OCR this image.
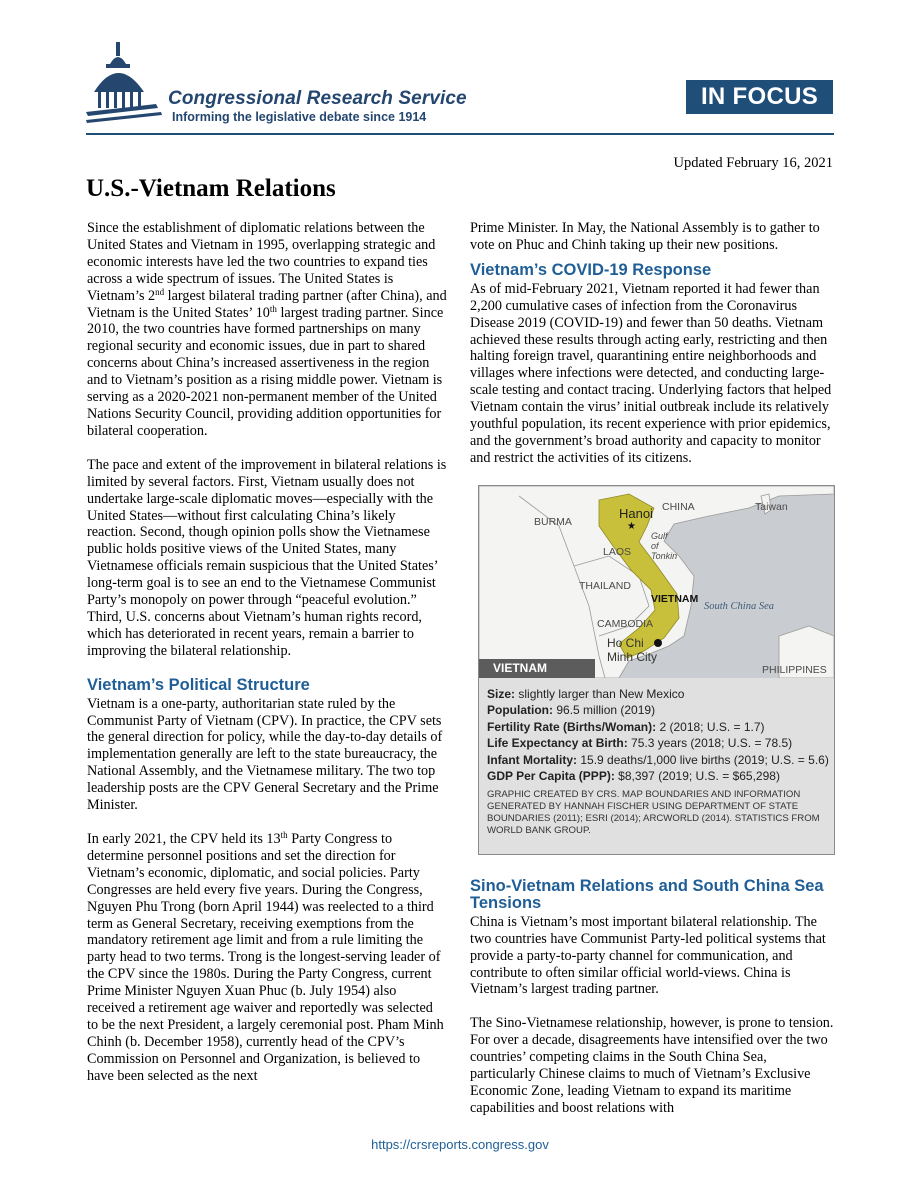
Congressional Research Service
Informing the legislative debate since 1914
IN FOCUS
Updated February 16, 2021
U.S.-Vietnam Relations

Since the establishment of diplomatic relations between the United States and Vietnam in 1995, overlapping strategic and economic interests have led the two countries to expand ties across a wide spectrum of issues. The United States is Vietnam’s 2nd largest bilateral trading partner (after China), and Vietnam is the United States’ 10th largest trading partner. Since 2010, the two countries have formed partnerships on many regional security and economic issues, due in part to shared concerns about China’s increased assertiveness in the region and to Vietnam’s position as a rising middle power. Vietnam is serving as a 2020-2021 non-permanent member of the United Nations Security Council, providing addition opportunities for bilateral cooperation.

The pace and extent of the improvement in bilateral relations is limited by several factors. First, Vietnam usually does not undertake large-scale diplomatic moves—especially with the United States—without first calculating China’s likely reaction. Second, though opinion polls show the Vietnamese public holds positive views of the United States, many Vietnamese officials remain suspicious that the United States’ long-term goal is to see an end to the Vietnamese Communist Party’s monopoly on power through “peaceful evolution.” Third, U.S. concerns about Vietnam’s human rights record, which has deteriorated in recent years, remain a barrier to improving the bilateral relationship.

Vietnam’s Political Structure

Vietnam is a one-party, authoritarian state ruled by the Communist Party of Vietnam (CPV). In practice, the CPV sets the general direction for policy, while the day-to-day details of implementation generally are left to the state bureaucracy, the National Assembly, and the Vietnamese military. The two top leadership posts are the CPV General Secretary and the Prime Minister.

In early 2021, the CPV held its 13th Party Congress to determine personnel positions and set the direction for Vietnam’s economic, diplomatic, and social policies. Party Congresses are held every five years. During the Congress, Nguyen Phu Trong (born April 1944) was reelected to a third term as General Secretary, receiving exemptions from the mandatory retirement age limit and from a rule limiting the party head to two terms. Trong is the longest-serving leader of the CPV since the 1980s. During the Party Congress, current Prime Minister Nguyen Xuan Phuc (b. July 1954) also received a retirement age waiver and reportedly was selected to be the next President, a largely ceremonial post. Pham Minh Chinh (b. December 1958), currently head of the CPV’s Commission on Personnel and Organization, is believed to have been selected as the next

Prime Minister. In May, the National Assembly is to gather to vote on Phuc and Chinh taking up their new positions.

Vietnam’s COVID-19 Response

As of mid-February 2021, Vietnam reported it had fewer than 2,200 cumulative cases of infection from the Coronavirus Disease 2019 (COVID-19) and fewer than 50 deaths. Vietnam achieved these results through acting early, restricting and then halting foreign travel, quarantining entire neighborhoods and villages where infections were detected, and conducting large-scale testing and contact tracing. Underlying factors that helped Vietnam contain the virus’ initial outbreak include its relatively youthful population, its recent experience with prior epidemics, and the government’s broad authority and capacity to monitor and restrict the activities of its citizens.

CHINA	Taiwan
BURMA
Hanoi
★
Gulf of Tonkin
LAOS
THAILAND
VIETNAM
South China Sea
CAMBODIA
Ho Chi Minh City
PHILIPPINES
VIETNAM
Size: slightly larger than New Mexico
Population: 96.5 million (2019)
Fertility Rate (Births/Woman): 2 (2018; U.S. = 1.7)
Life Expectancy at Birth: 75.3 years (2018; U.S. = 78.5)
Infant Mortality: 15.9 deaths/1,000 live births (2019; U.S. = 5.6)
GDP Per Capita (PPP): $8,397 (2019; U.S. = $65,298)
GRAPHIC CREATED BY CRS. MAP BOUNDARIES AND INFORMATION GENERATED BY HANNAH FISCHER USING DEPARTMENT OF STATE BOUNDARIES (2011); ESRI (2014); ARCWORLD (2014). STATISTICS FROM WORLD BANK GROUP.
Sino-Vietnam Relations and South China Sea Tensions

China is Vietnam’s most important bilateral relationship. The two countries have Communist Party-led political systems that provide a party-to-party channel for communication, and contribute to often similar official world-views. China is Vietnam’s largest trading partner.

The Sino-Vietnamese relationship, however, is prone to tension. For over a decade, disagreements have intensified over the two countries’ competing claims in the South China Sea, particularly Chinese claims to much of Vietnam’s Exclusive Economic Zone, leading Vietnam to expand its maritime capabilities and boost relations with

https://crsreports.congress.gov
